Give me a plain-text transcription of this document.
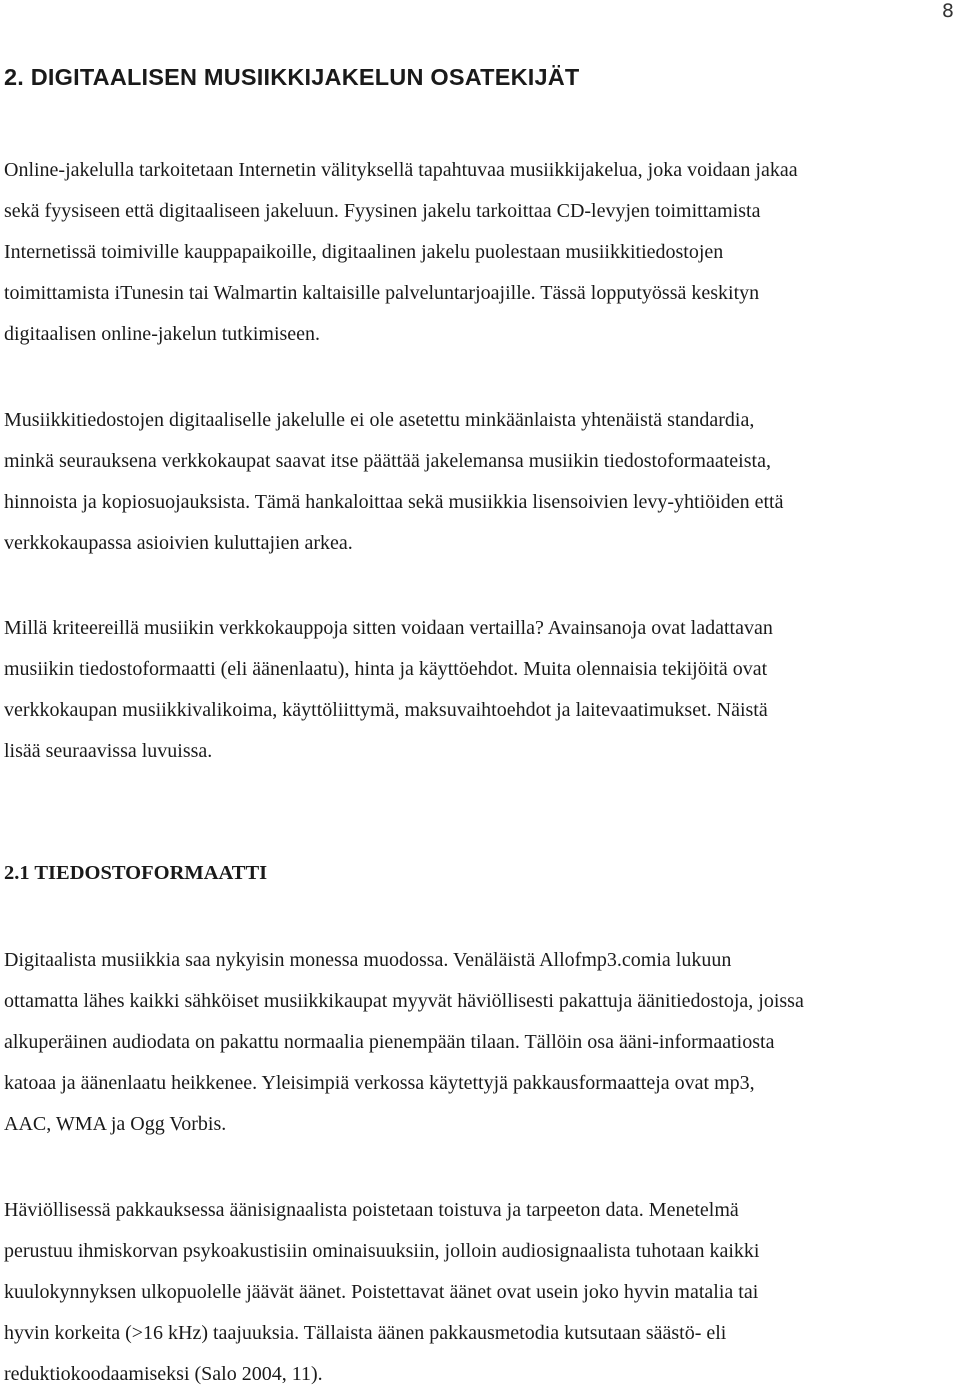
8
2. DIGITAALISEN MUSIIKKIJAKELUN OSATEKIJÄT

Online-jakelulla tarkoitetaan Internetin välityksellä tapahtuvaa musiikkijakelua, joka voidaan jakaa
sekä fyysiseen että digitaaliseen jakeluun. Fyysinen jakelu tarkoittaa CD-levyjen toimittamista
Internetissä toimiville kauppapaikoille, digitaalinen jakelu puolestaan musiikkitiedostojen
toimittamista iTunesin tai Walmartin kaltaisille palveluntarjoajille. Tässä lopputyössä keskityn
digitaalisen online-jakelun tutkimiseen.

Musiikkitiedostojen digitaaliselle jakelulle ei ole asetettu minkäänlaista yhtenäistä standardia,
minkä seurauksena verkkokaupat saavat itse päättää jakelemansa musiikin tiedostoformaateista,
hinnoista ja kopiosuojauksista. Tämä hankaloittaa sekä musiikkia lisensoivien levy-yhtiöiden että
verkkokaupassa asioivien kuluttajien arkea.

Millä kriteereillä musiikin verkkokauppoja sitten voidaan vertailla? Avainsanoja ovat ladattavan
musiikin tiedostoformaatti (eli äänenlaatu), hinta ja käyttöehdot. Muita olennaisia tekijöitä ovat
verkkokaupan musiikkivalikoima, käyttöliittymä, maksuvaihtoehdot ja laitevaatimukset. Näistä
lisää seuraavissa luvuissa.

2.1 TIEDOSTOFORMAATTI

Digitaalista musiikkia saa nykyisin monessa muodossa. Venäläistä Allofmp3.comia lukuun
ottamatta lähes kaikki sähköiset musiikkikaupat myyvät häviöllisesti pakattuja äänitiedostoja, joissa
alkuperäinen audiodata on pakattu normaalia pienempään tilaan. Tällöin osa ääni-informaatiosta
katoaa ja äänenlaatu heikkenee. Yleisimpiä verkossa käytettyjä pakkausformaatteja ovat mp3,
AAC, WMA ja Ogg Vorbis.

Häviöllisessä pakkauksessa äänisignaalista poistetaan toistuva ja tarpeeton data. Menetelmä
perustuu ihmiskorvan psykoakustisiin ominaisuuksiin, jolloin audiosignaalista tuhotaan kaikki
kuulokynnyksen ulkopuolelle jäävät äänet. Poistettavat äänet ovat usein joko hyvin matalia tai
hyvin korkeita (>16 kHz) taajuuksia. Tällaista äänen pakkausmetodia kutsutaan säästö- eli
reduktiokoodaamiseksi (Salo 2004, 11).
